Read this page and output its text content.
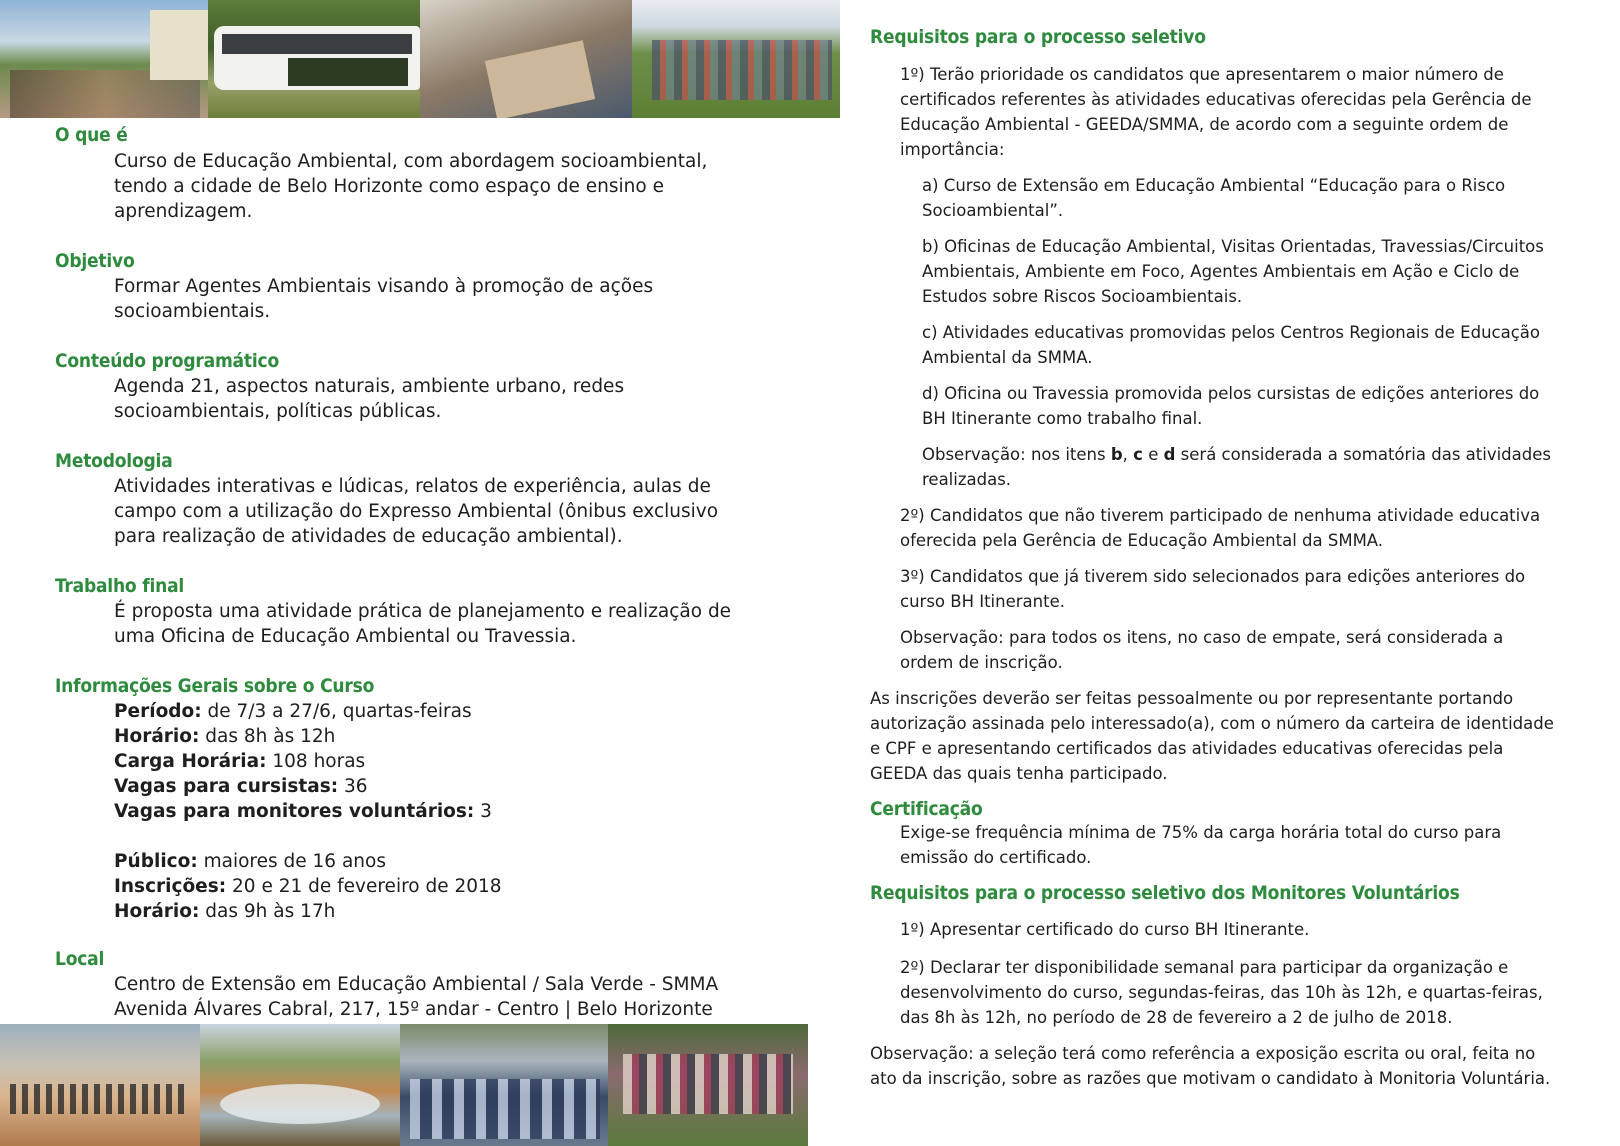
O que é
Curso de Educação Ambiental, com abordagem socioambiental,
tendo a cidade de Belo Horizonte como espaço de ensino e
aprendizagem.
Objetivo
Formar Agentes Ambientais visando à promoção de ações
socioambientais.
Conteúdo programático
Agenda 21, aspectos naturais, ambiente urbano, redes
socioambientais, políticas públicas.
Metodologia
Atividades interativas e lúdicas, relatos de experiência, aulas de
campo com a utilização do Expresso Ambiental (ônibus exclusivo
para realização de atividades de educação ambiental).
Trabalho final
É proposta uma atividade prática de planejamento e realização de
uma Oficina de Educação Ambiental ou Travessia.
Informações Gerais sobre o Curso
Período: de 7/3 a 27/6, quartas-feiras
Horário: das 8h às 12h
Carga Horária: 108 horas
Vagas para cursistas: 36
Vagas para monitores voluntários: 3
Público: maiores de 16 anos
Inscrições: 20 e 21 de fevereiro de 2018
Horário: das 9h às 17h
Local
Centro de Extensão em Educação Ambiental / Sala Verde - SMMA
Avenida Álvares Cabral, 217, 15º andar - Centro | Belo Horizonte
Requisitos para o processo seletivo

1º) Terão prioridade os candidatos que apresentarem o maior número de

certificados referentes às atividades educativas oferecidas pela Gerência de

Educação Ambiental - GEEDA/SMMA, de acordo com a seguinte ordem de

importância:

a) Curso de Extensão em Educação Ambiental “Educação para o Risco

Socioambiental”.

b) Oficinas de Educação Ambiental, Visitas Orientadas, Travessias/Circuitos

Ambientais, Ambiente em Foco, Agentes Ambientais em Ação e Ciclo de

Estudos sobre Riscos Socioambientais.

c) Atividades educativas promovidas pelos Centros Regionais de Educação

Ambiental da SMMA.

d) Oficina ou Travessia promovida pelos cursistas de edições anteriores do

BH Itinerante como trabalho final.

Observação: nos itens b, c e d será considerada a somatória das atividades

realizadas.

2º) Candidatos que não tiverem participado de nenhuma atividade educativa

oferecida pela Gerência de Educação Ambiental da SMMA.

3º) Candidatos que já tiverem sido selecionados para edições anteriores do

curso BH Itinerante.

Observação: para todos os itens, no caso de empate, será considerada a

ordem de inscrição.

As inscrições deverão ser feitas pessoalmente ou por representante portando

autorização assinada pelo interessado(a), com o número da carteira de identidade

e CPF e apresentando certificados das atividades educativas oferecidas pela

GEEDA das quais tenha participado.

Certificação

Exige-se frequência mínima de 75% da carga horária total do curso para

emissão do certificado.

Requisitos para o processo seletivo dos Monitores Voluntários

1º) Apresentar certificado do curso BH Itinerante.

2º) Declarar ter disponibilidade semanal para participar da organização e

desenvolvimento do curso, segundas-feiras, das 10h às 12h, e quartas-feiras,

das 8h às 12h, no período de 28 de fevereiro a 2 de julho de 2018.

Observação: a seleção terá como referência a exposição escrita ou oral, feita no

ato da inscrição, sobre as razões que motivam o candidato à Monitoria Voluntária.
